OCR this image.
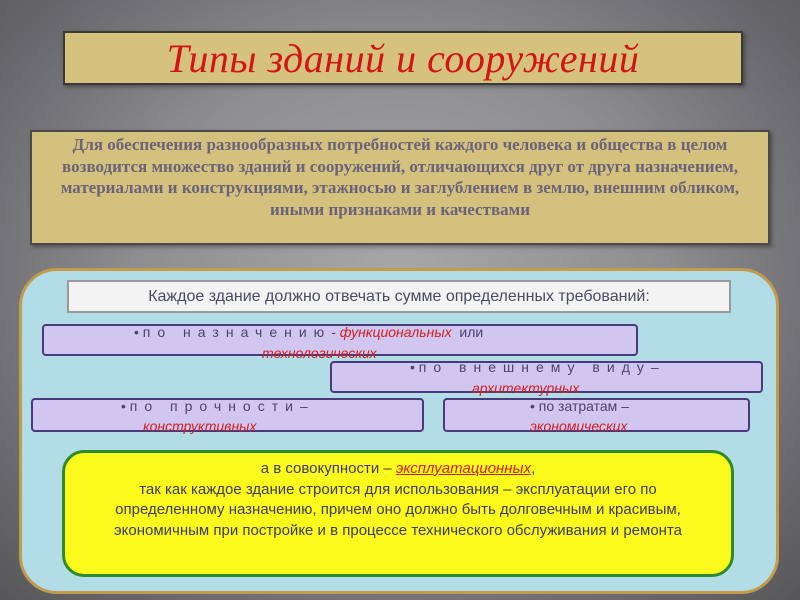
Типы зданий и сооружений
Для обеспечения разнообразных потребностей каждого человека и общества в целом возводится множество зданий и сооружений, отличающихся друг от друга назначением, материалами и конструкциями, этажносью и заглублением в землю, внешним обликом, иными признаками и качествами
Каждое здание должно отвечать сумме определенных требований:
• по назначению- функциональных или
технологических
• по внешнему виду–
архитектурных
• по прочности–
конструктивных
• по затратам –
экономических
а в совокупности – эксплуатационных,
так как каждое здание строится для использования – эксплуатации его по определенному назначению, причем оно должно быть долговечным и красивым, экономичным при постройке и в процессе технического обслуживания и ремонта
